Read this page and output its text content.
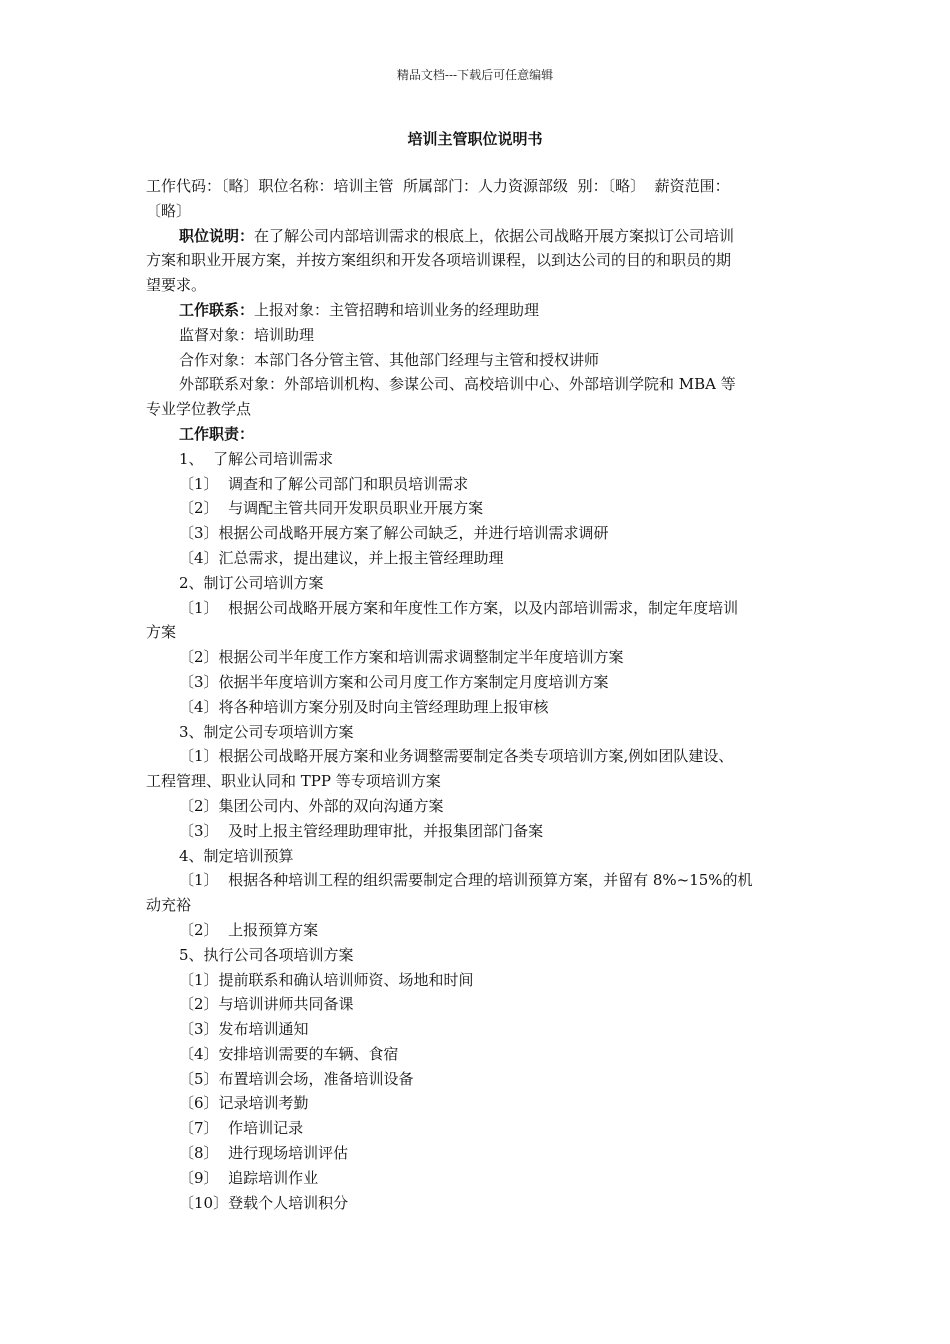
精品文档---下载后可任意编辑
培训主管职位说明书
工作代码：〔略〕职位名称：培训主管  所属部门：人力资源部级  别：〔略〕  薪资范围：
〔略〕
职位说明：在了解公司内部培训需求的根底上，依据公司战略开展方案拟订公司培训
方案和职业开展方案，并按方案组织和开发各项培训课程，以到达公司的目的和职员的期
望要求。
工作联系：上报对象：主管招聘和培训业务的经理助理
监督对象：培训助理
合作对象：本部门各分管主管、其他部门经理与主管和授权讲师
外部联系对象：外部培训机构、参谋公司、高校培训中心、外部培训学院和 MBA 等
专业学位教学点
工作职责：
1、  了解公司培训需求
〔1〕  调查和了解公司部门和职员培训需求
〔2〕  与调配主管共同开发职员职业开展方案
〔3〕根据公司战略开展方案了解公司缺乏，并进行培训需求调研
〔4〕汇总需求，提出建议，并上报主管经理助理
2、制订公司培训方案
〔1〕  根据公司战略开展方案和年度性工作方案，以及内部培训需求，制定年度培训
方案
〔2〕根据公司半年度工作方案和培训需求调整制定半年度培训方案
〔3〕依据半年度培训方案和公司月度工作方案制定月度培训方案
〔4〕将各种培训方案分别及时向主管经理助理上报审核
3、制定公司专项培训方案
〔1〕根据公司战略开展方案和业务调整需要制定各类专项培训方案,例如团队建设、
工程管理、职业认同和 TPP 等专项培训方案
〔2〕集团公司内、外部的双向沟通方案
〔3〕  及时上报主管经理助理审批，并报集团部门备案
4、制定培训预算
〔1〕  根据各种培训工程的组织需要制定合理的培训预算方案，并留有 8%~15%的机
动充裕
〔2〕  上报预算方案
5、执行公司各项培训方案
〔1〕提前联系和确认培训师资、场地和时间
〔2〕与培训讲师共同备课
〔3〕发布培训通知
〔4〕安排培训需要的车辆、食宿
〔5〕布置培训会场，准备培训设备
〔6〕记录培训考勤
〔7〕  作培训记录
〔8〕  进行现场培训评估
〔9〕  追踪培训作业
〔10〕登载个人培训积分
